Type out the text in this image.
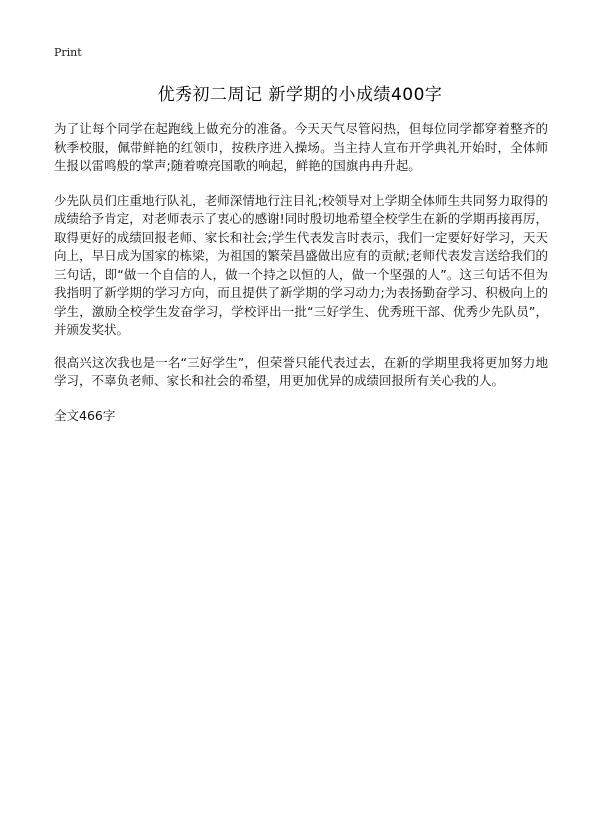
Print
优秀初二周记 新学期的小成绩400字

为了让每个同学在起跑线上做充分的准备。今天天气尽管闷热，但每位同学都穿着整齐的秋季校服，佩带鲜艳的红领巾，按秩序进入操场。当主持人宣布开学典礼开始时，全体师生报以雷鸣般的掌声;随着嘹亮国歌的响起，鲜艳的国旗冉冉升起。

少先队员们庄重地行队礼，老师深情地行注目礼;校领导对上学期全体师生共同努力取得的成绩给予肯定，对老师表示了衷心的感谢!同时殷切地希望全校学生在新的学期再接再厉，取得更好的成绩回报老师、家长和社会;学生代表发言时表示，我们一定要好好学习，天天向上，早日成为国家的栋梁，为祖国的繁荣昌盛做出应有的贡献;老师代表发言送给我们的三句话，即“做一个自信的人，做一个持之以恒的人，做一个坚强的人”。这三句话不但为我指明了新学期的学习方向，而且提供了新学期的学习动力;为表扬勤奋学习、积极向上的学生，激励全校学生发奋学习，学校评出一批“三好学生、优秀班干部、优秀少先队员”，并颁发奖状。

很高兴这次我也是一名“三好学生”，但荣誉只能代表过去，在新的学期里我将更加努力地学习，不辜负老师、家长和社会的希望，用更加优异的成绩回报所有关心我的人。

全文466字
